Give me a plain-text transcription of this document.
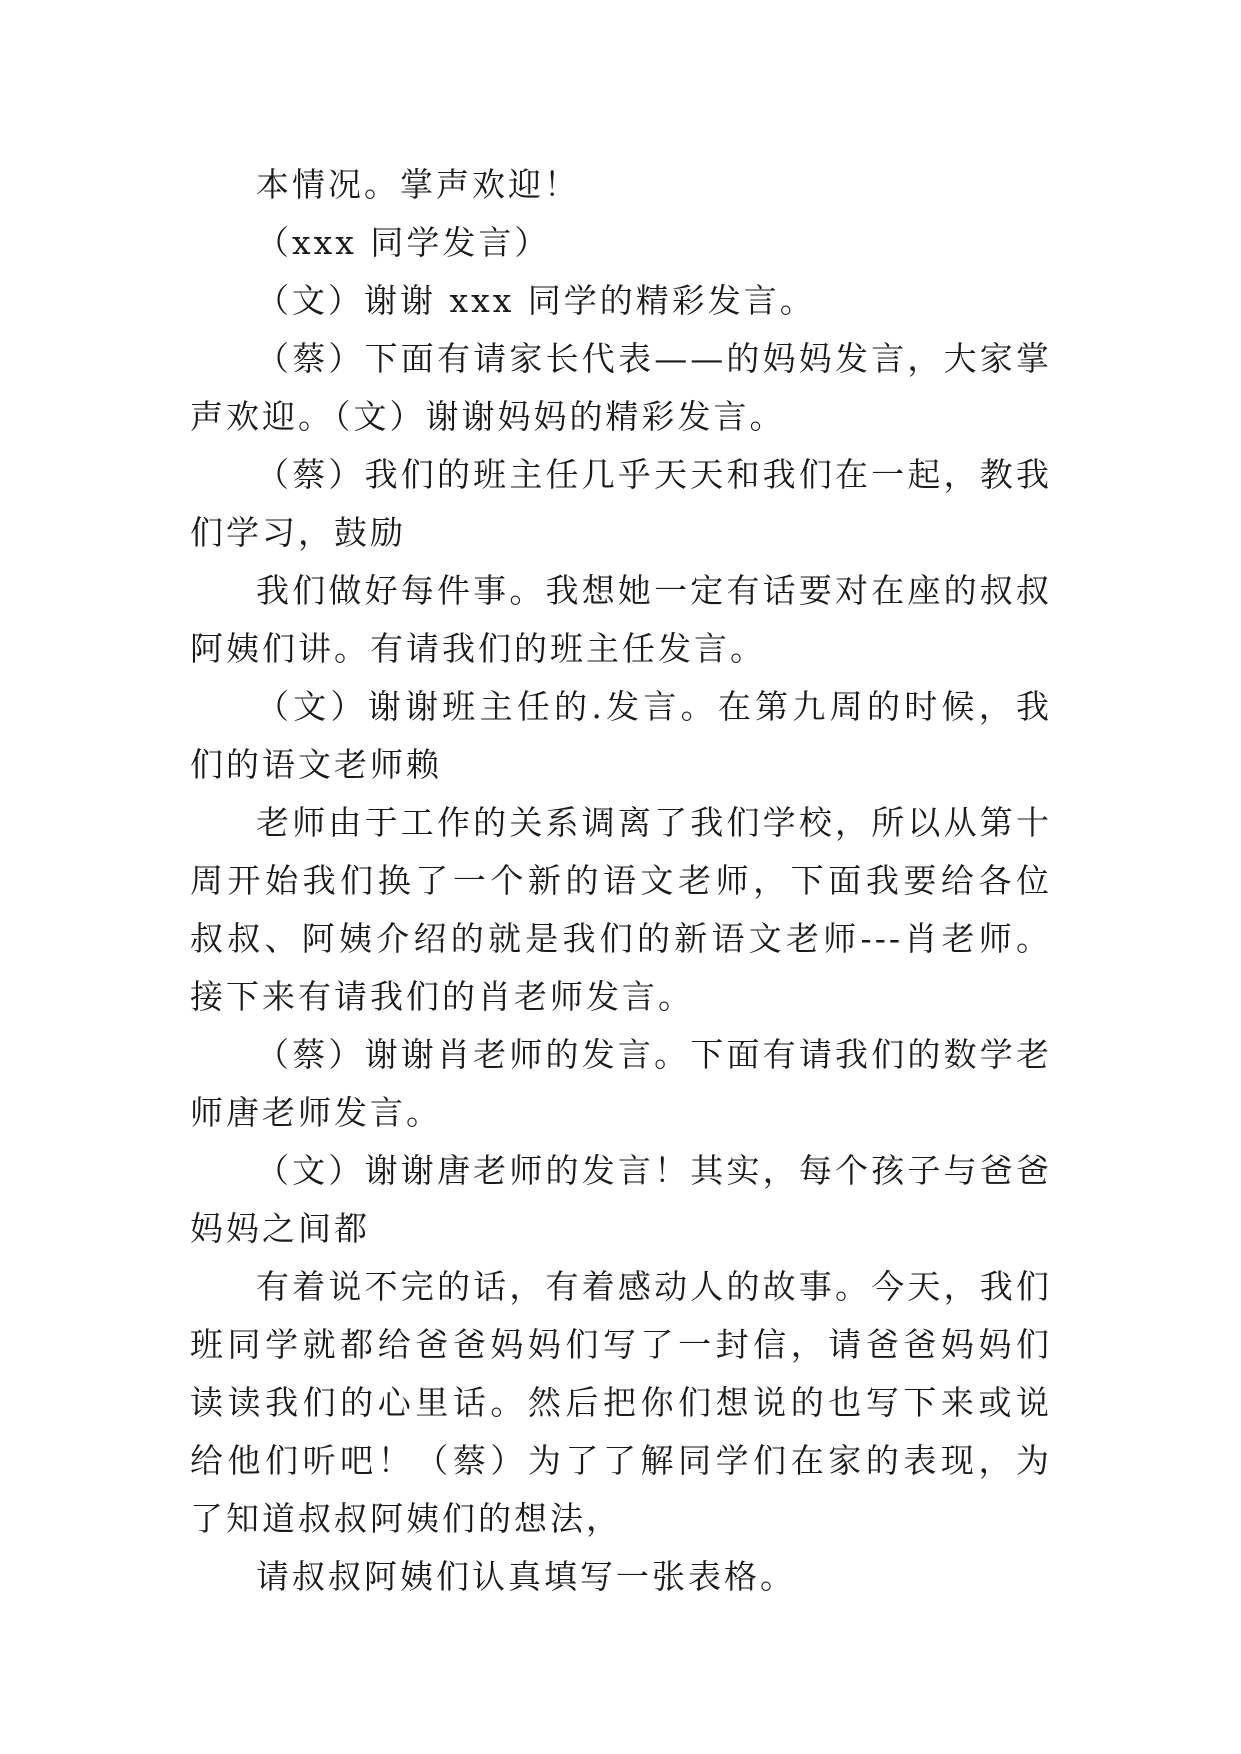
本情况。掌声欢迎！

（xxx 同学发言）

（文）谢谢 xxx 同学的精彩发言。

（蔡）下面有请家长代表——的妈妈发言，大家掌声欢迎。（文）谢谢妈妈的精彩发言。

（蔡）我们的班主任几乎天天和我们在一起，教我们学习，鼓励

我们做好每件事。我想她一定有话要对在座的叔叔阿姨们讲。有请我们的班主任发言。

（文）谢谢班主任的.发言。在第九周的时候，我们的语文老师赖

老师由于工作的关系调离了我们学校，所以从第十周开始我们换了一个新的语文老师，下面我要给各位叔叔、阿姨介绍的就是我们的新语文老师---肖老师。接下来有请我们的肖老师发言。

（蔡）谢谢肖老师的发言。下面有请我们的数学老师唐老师发言。

（文）谢谢唐老师的发言！其实，每个孩子与爸爸妈妈之间都

有着说不完的话，有着感动人的故事。今天，我们班同学就都给爸爸妈妈们写了一封信，请爸爸妈妈们读读我们的心里话。然后把你们想说的也写下来或说给他们听吧！（蔡）为了了解同学们在家的表现，为了知道叔叔阿姨们的想法，

请叔叔阿姨们认真填写一张表格。
